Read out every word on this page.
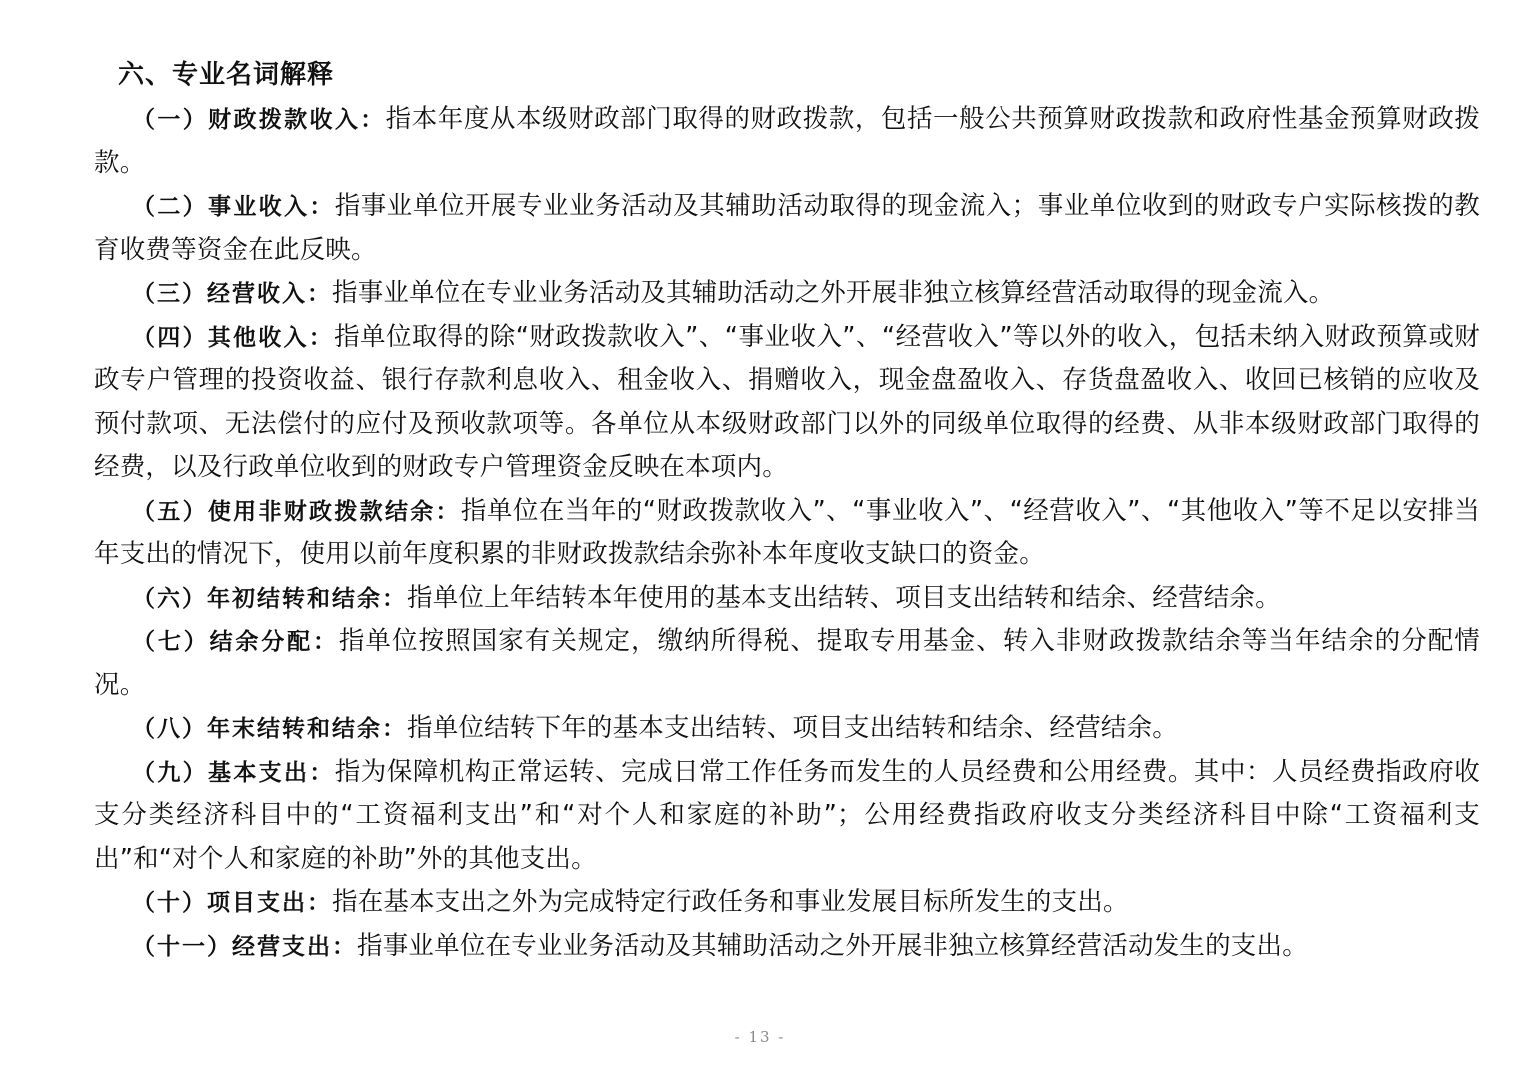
六、专业名词解释

（一）财政拨款收入：指本年度从本级财政部门取得的财政拨款，包括一般公共预算财政拨款和政府性基金预算财政拨款。

（二）事业收入：指事业单位开展专业业务活动及其辅助活动取得的现金流入；事业单位收到的财政专户实际核拨的教育收费等资金在此反映。

（三）经营收入：指事业单位在专业业务活动及其辅助活动之外开展非独立核算经营活动取得的现金流入。

（四）其他收入：指单位取得的除“财政拨款收入”、“事业收入”、“经营收入”等以外的收入，包括未纳入财政预算或财政专户管理的投资收益、银行存款利息收入、租金收入、捐赠收入，现金盘盈收入、存货盘盈收入、收回已核销的应收及预付款项、无法偿付的应付及预收款项等。各单位从本级财政部门以外的同级单位取得的经费、从非本级财政部门取得的经费，以及行政单位收到的财政专户管理资金反映在本项内。

（五）使用非财政拨款结余：指单位在当年的“财政拨款收入”、“事业收入”、“经营收入”、“其他收入”等不足以安排当年支出的情况下，使用以前年度积累的非财政拨款结余弥补本年度收支缺口的资金。

（六）年初结转和结余：指单位上年结转本年使用的基本支出结转、项目支出结转和结余、经营结余。

（七）结余分配：指单位按照国家有关规定，缴纳所得税、提取专用基金、转入非财政拨款结余等当年结余的分配情况。

（八）年末结转和结余：指单位结转下年的基本支出结转、项目支出结转和结余、经营结余。

（九）基本支出：指为保障机构正常运转、完成日常工作任务而发生的人员经费和公用经费。其中：人员经费指政府收支分类经济科目中的“工资福利支出”和“对个人和家庭的补助”；公用经费指政府收支分类经济科目中除“工资福利支出”和“对个人和家庭的补助”外的其他支出。

（十）项目支出：指在基本支出之外为完成特定行政任务和事业发展目标所发生的支出。

（十一）经营支出：指事业单位在专业业务活动及其辅助活动之外开展非独立核算经营活动发生的支出。

- 13 -
